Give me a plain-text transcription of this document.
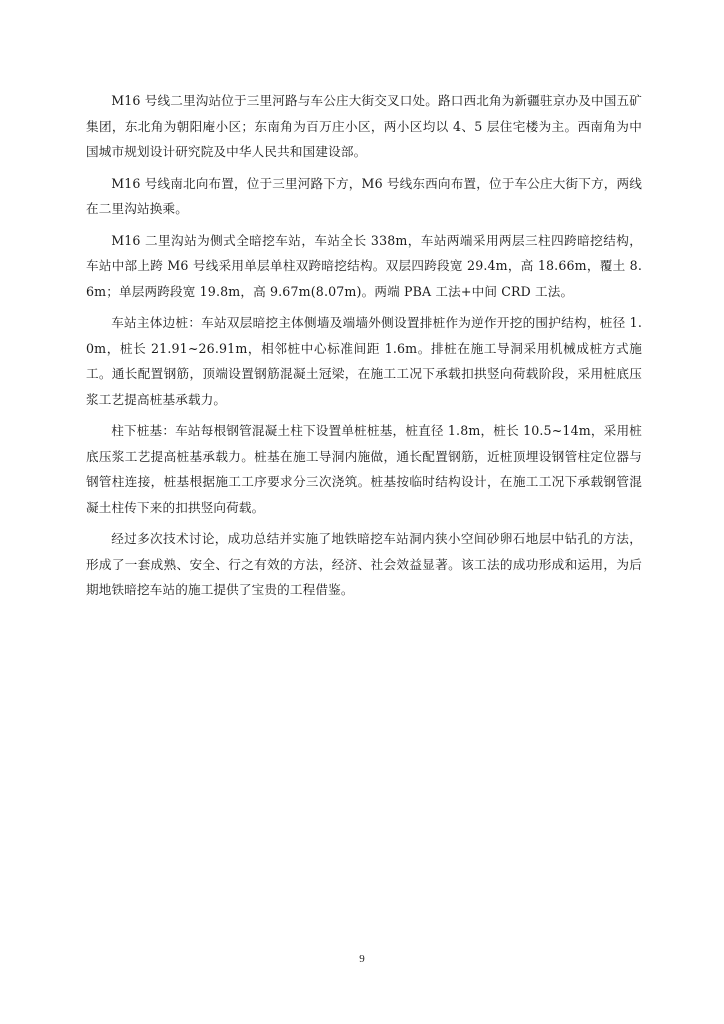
M16 号线二里沟站位于三里河路与车公庄大街交叉口处。路口西北角为新疆驻京办及中国五矿集团，东北角为朝阳庵小区；东南角为百万庄小区，两小区均以 4、5 层住宅楼为主。西南角为中国城市规划设计研究院及中华人民共和国建设部。

M16 号线南北向布置，位于三里河路下方，M6 号线东西向布置，位于车公庄大街下方，两线在二里沟站换乘。

M16 二里沟站为侧式全暗挖车站，车站全长 338m，车站两端采用两层三柱四跨暗挖结构，车站中部上跨 M6 号线采用单层单柱双跨暗挖结构。双层四跨段宽 29.4m，高 18.66m，覆土 8.6m；单层两跨段宽 19.8m，高 9.67m(8.07m)。两端 PBA 工法+中间 CRD 工法。

车站主体边桩：车站双层暗挖主体侧墙及端墙外侧设置排桩作为逆作开挖的围护结构，桩径 1.0m，桩长 21.91~26.91m，相邻桩中心标准间距 1.6m。排桩在施工导洞采用机械成桩方式施工。通长配置钢筋，顶端设置钢筋混凝土冠梁，在施工工况下承载扣拱竖向荷载阶段，采用桩底压浆工艺提高桩基承载力。

柱下桩基：车站每根钢管混凝土柱下设置单桩桩基，桩直径 1.8m，桩长 10.5~14m，采用桩底压浆工艺提高桩基承载力。桩基在施工导洞内施做，通长配置钢筋，近桩顶埋设钢管柱定位器与钢管柱连接，桩基根据施工工序要求分三次浇筑。桩基按临时结构设计，在施工工况下承载钢管混凝土柱传下来的扣拱竖向荷载。

经过多次技术讨论，成功总结并实施了地铁暗挖车站洞内狭小空间砂卵石地层中钻孔的方法，形成了一套成熟、安全、行之有效的方法，经济、社会效益显著。该工法的成功形成和运用，为后期地铁暗挖车站的施工提供了宝贵的工程借鉴。

9
